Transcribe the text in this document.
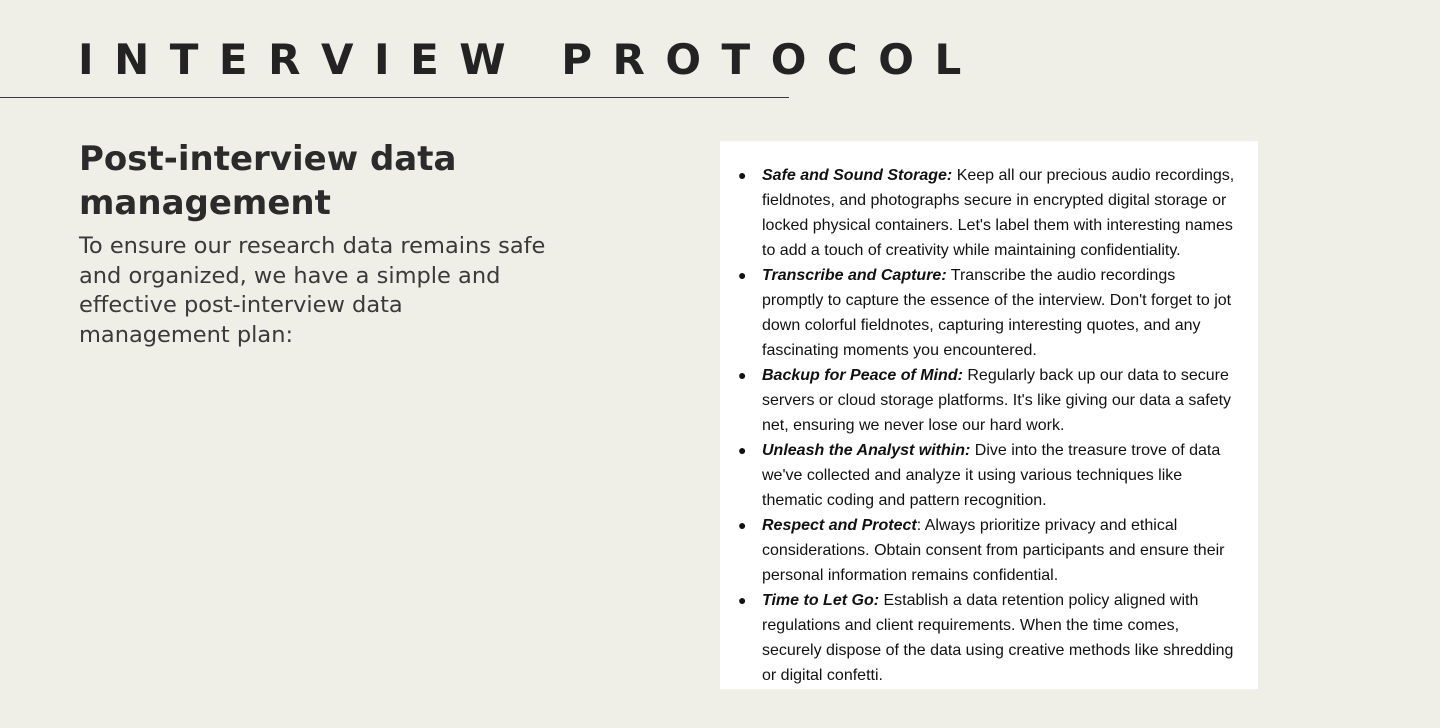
INTERVIEW PROTOCOL
Post-interview data management

To ensure our research data remains safe and organized, we have a simple and effective post-interview data management plan:

● Safe and Sound Storage: Keep all our precious audio recordings, fieldnotes, and photographs secure in encrypted digital storage or locked physical containers. Let's label them with interesting names to add a touch of creativity while maintaining confidentiality.
● Transcribe and Capture: Transcribe the audio recordings promptly to capture the essence of the interview. Don't forget to jot down colorful fieldnotes, capturing interesting quotes, and any fascinating moments you encountered.
● Backup for Peace of Mind: Regularly back up our data to secure servers or cloud storage platforms. It's like giving our data a safety net, ensuring we never lose our hard work.
● Unleash the Analyst within: Dive into the treasure trove of data we've collected and analyze it using various techniques like thematic coding and pattern recognition.
● Respect and Protect: Always prioritize privacy and ethical considerations. Obtain consent from participants and ensure their personal information remains confidential.
● Time to Let Go: Establish a data retention policy aligned with regulations and client requirements. When the time comes, securely dispose of the data using creative methods like shredding or digital confetti.
